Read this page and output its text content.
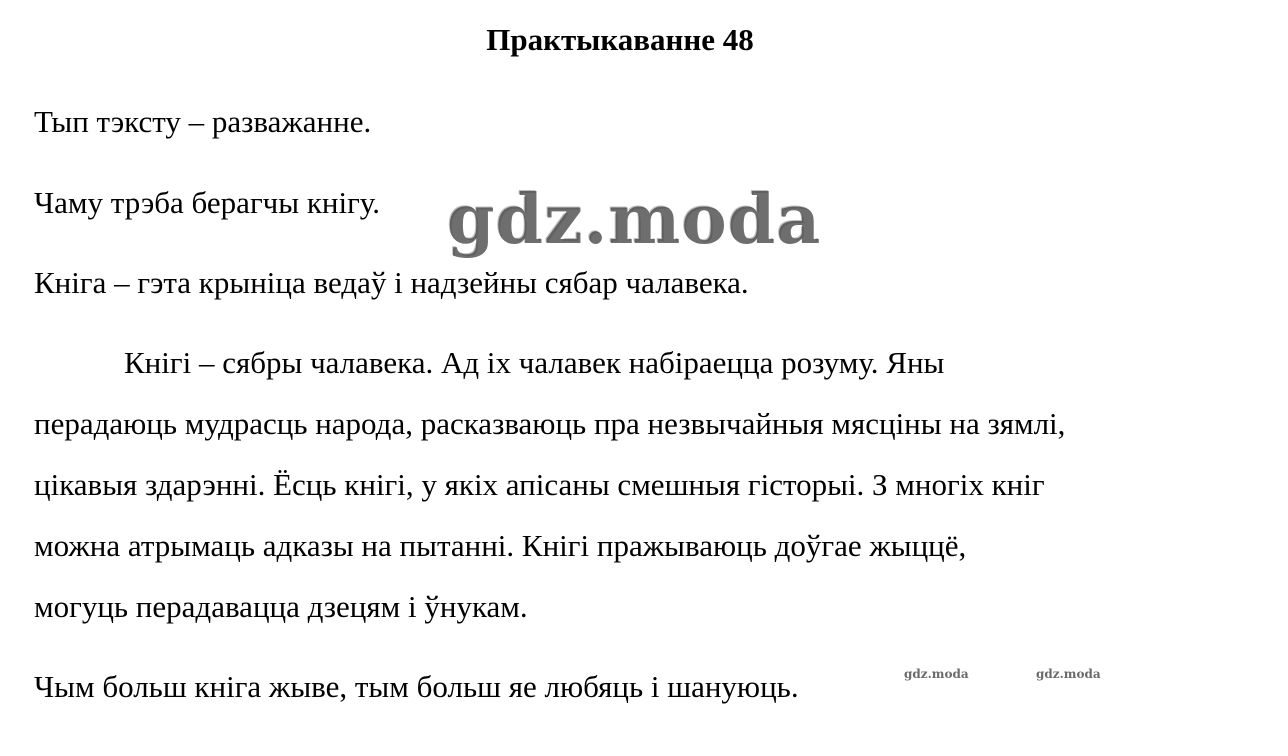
Практыкаванне 48
Тып тэксту – разважанне.
Чаму трэба берагчы кнігу.
Кніга – гэта крыніца ведаў і надзейны сябар чалавека.
Кнігі – сябры чалавека. Ад іх чалавек набіраецца розуму. Яны
перадаюць мудрасць народа, расказваюць пра незвычайныя мясціны на зямлі,
цікавыя здарэнні. Ёсць кнігі, у якіх апісаны смешныя гісторыі. З многіх кніг
можна атрымаць адказы на пытанні. Кнігі пражываюць доўгае жыццё,
могуць перадавацца дзецям і ўнукам.
Чым больш кніга жыве, тым больш яе любяць і шануюць.
gdz.moda
gdz.moda	gdz.moda
